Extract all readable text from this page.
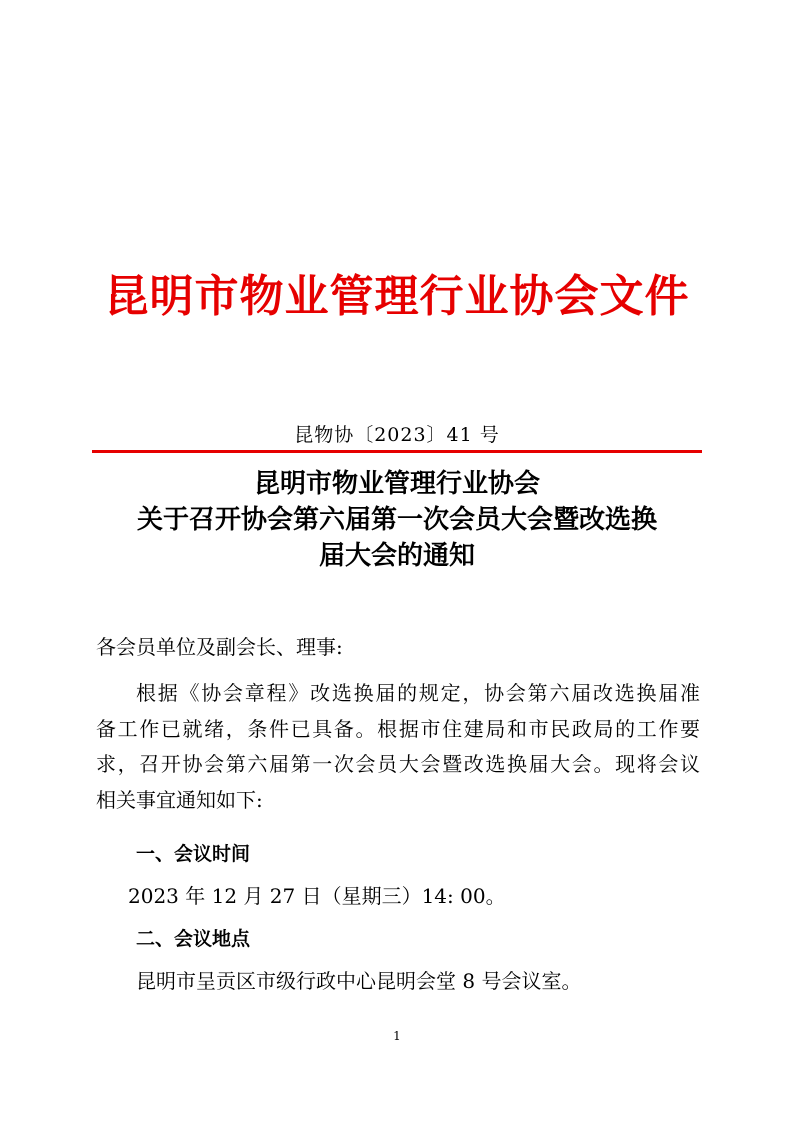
昆明市物业管理行业协会文件
昆物协〔2023〕41 号
昆明市物业管理行业协会
关于召开协会第六届第一次会员大会暨改选换
届大会的通知
各会员单位及副会长、理事:
根据《协会章程》改选换届的规定，协会第六届改选换届准
备工作已就绪，条件已具备。根据市住建局和市民政局的工作要
求，召开协会第六届第一次会员大会暨改选换届大会。现将会议
相关事宜通知如下:
一、会议时间
2023 年 12 月 27 日（星期三）14: 00。
二、会议地点
昆明市呈贡区市级行政中心昆明会堂 8 号会议室。
1
